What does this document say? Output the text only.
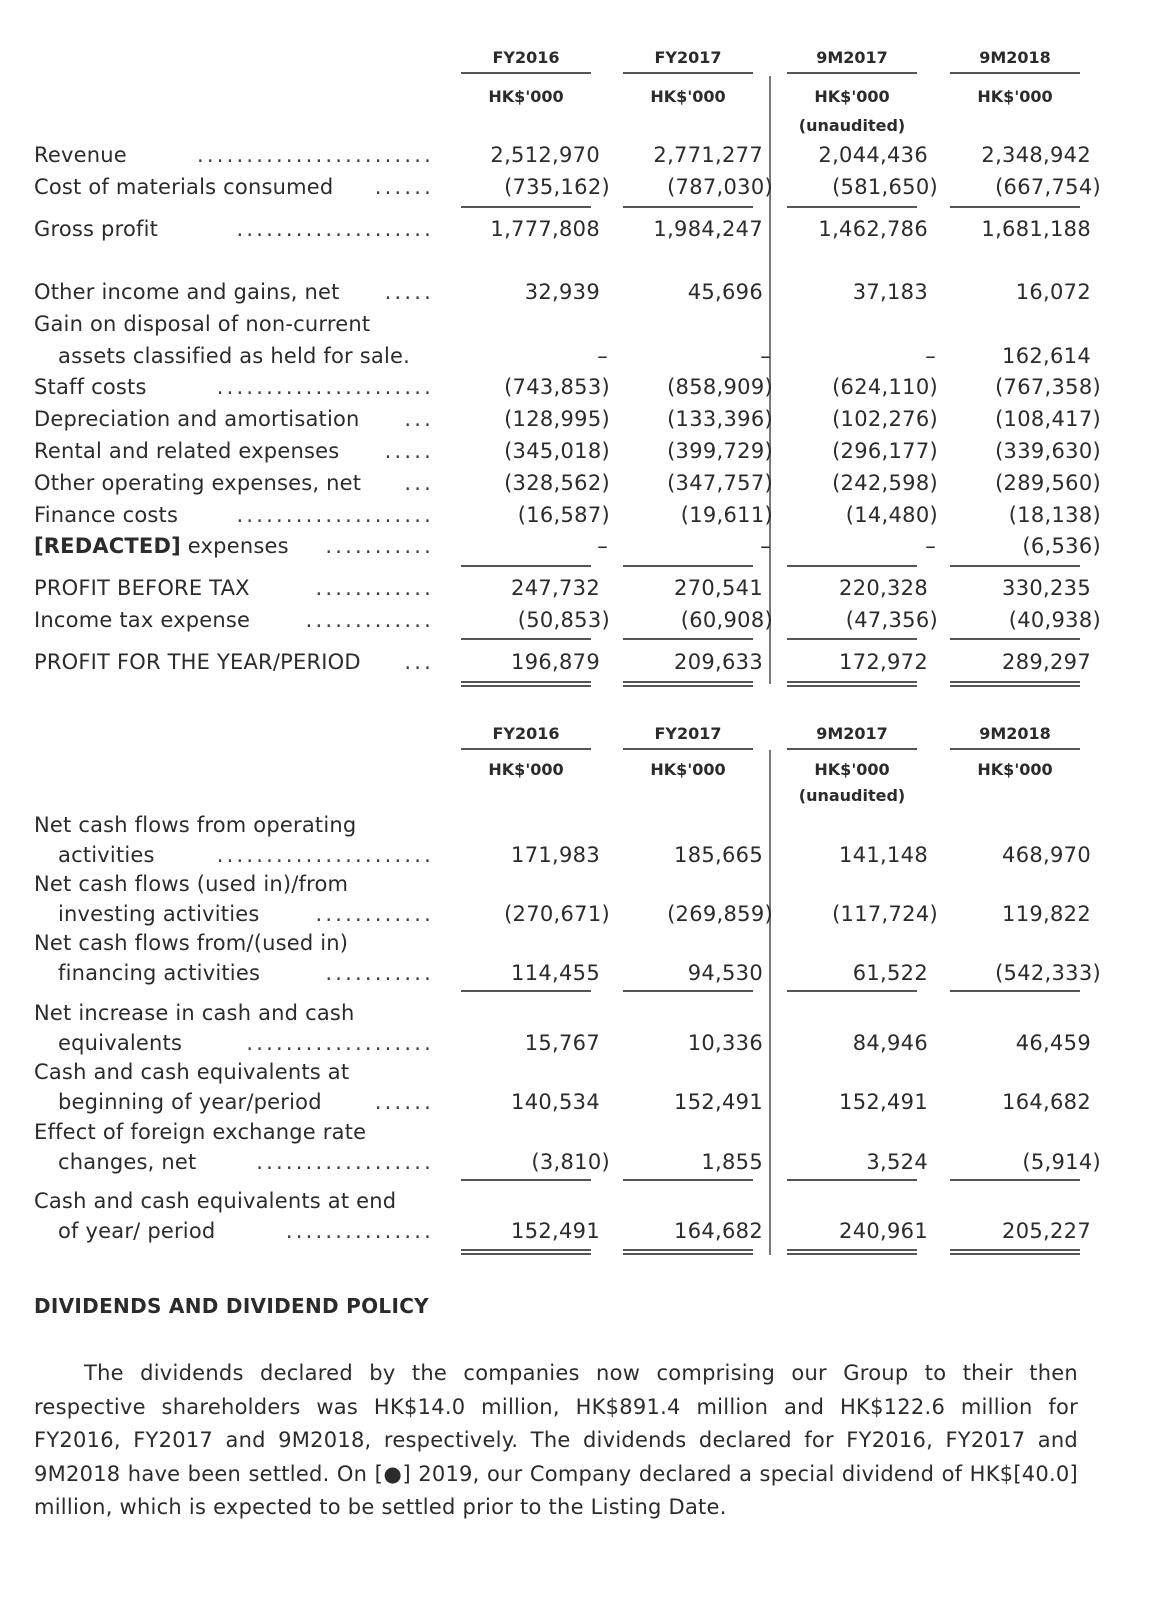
FY2016	FY2017	9M2017	9M2018
HK$'000	HK$'000	HK$'000	HK$'000
(unaudited)
Revenue	........................	2,512,970	2,771,277	2,044,436	2,348,942
Cost of materials consumed ......	(735,162)	(787,030)	(581,650)	(667,754)
Gross profit	....................	1,777,808	1,984,247	1,462,786	1,681,188
Other income and gains, net .....	32,939	45,696	37,183	16,072
Gain on disposal of non-current
assets classified as held for sale.	–	–	–	162,614
Staff costs	......................	(743,853)	(858,909)	(624,110)	(767,358)
Depreciation and amortisation ...	(128,995)	(133,396)	(102,276)	(108,417)
Rental and related expenses .....	(345,018)	(399,729)	(296,177)	(339,630)
Other operating expenses, net ...	(328,562)	(347,757)	(242,598)	(289,560)
Finance costs	....................	(16,587)	(19,611)	(14,480)	(18,138)
[REDACTED] expenses ...........	–	–	–	(6,536)
PROFIT BEFORE TAX	............	247,732	270,541	220,328	330,235
Income tax expense	.............	(50,853)	(60,908)	(47,356)	(40,938)
PROFIT FOR THE YEAR/PERIOD ...	196,879	209,633	172,972	289,297
FY2016	FY2017	9M2017	9M2018
HK$'000	HK$'000	HK$'000	HK$'000
(unaudited)
Net cash flows from operating
activities	......................	171,983	185,665	141,148	468,970
Net cash flows (used in)/from
investing activities	............	(270,671)	(269,859)	(117,724)	119,822
Net cash flows from/(used in)
financing activities	...........	114,455	94,530	61,522	(542,333)
Net increase in cash and cash
equivalents	...................	15,767	10,336	84,946	46,459
Cash and cash equivalents at
beginning of year/period	......	140,534	152,491	152,491	164,682
Effect of foreign exchange rate
changes, net	..................	(3,810)	1,855	3,524	(5,914)
Cash and cash equivalents at end
of year/ period	...............	152,491	164,682	240,961	205,227
DIVIDENDS AND DIVIDEND POLICY
The dividends declared by the companies now comprising our Group to their then respective shareholders was HK$14.0 million, HK$891.4 million and HK$122.6 million for FY2016, FY2017 and 9M2018, respectively. The dividends declared for FY2016, FY2017 and 9M2018 have been settled. On [●] 2019, our Company declared a special dividend of HK$[40.0] million, which is expected to be settled prior to the Listing Date.
